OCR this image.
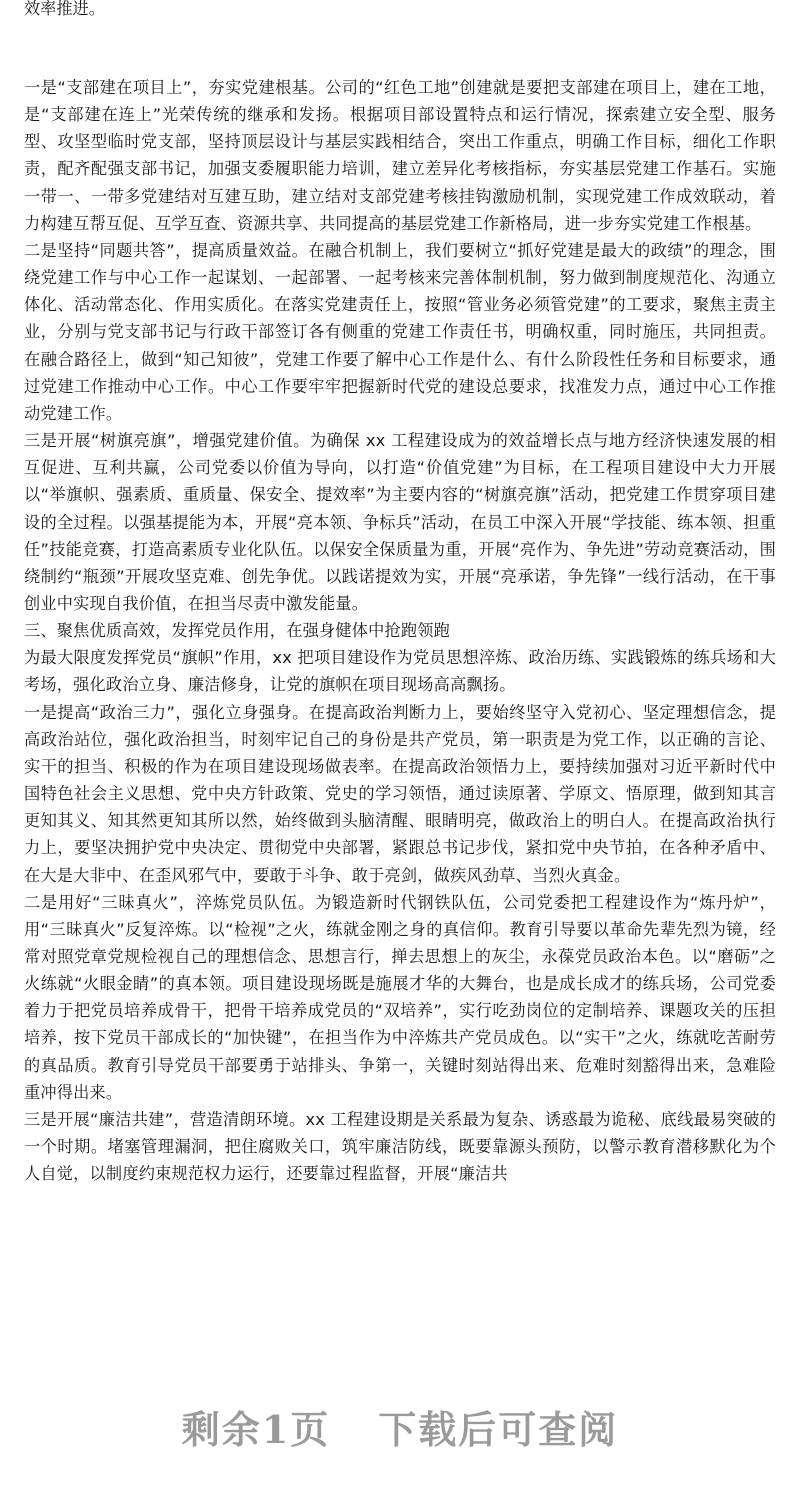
效率推进。

一是“支部建在项目上”，夯实党建根基。公司的“红色工地”创建就是要把支部建在项目上，建在工地，是“支部建在连上”光荣传统的继承和发扬。根据项目部设置特点和运行情况，探索建立安全型、服务型、攻坚型临时党支部，坚持顶层设计与基层实践相结合，突出工作重点，明确工作目标，细化工作职责，配齐配强支部书记，加强支委履职能力培训，建立差异化考核指标，夯实基层党建工作基石。实施一带一、一带多党建结对互建互助，建立结对支部党建考核挂钩激励机制，实现党建工作成效联动，着力构建互帮互促、互学互查、资源共享、共同提高的基层党建工作新格局，进一步夯实党建工作根基。

二是坚持“同题共答”，提高质量效益。在融合机制上，我们要树立“抓好党建是最大的政绩”的理念，围绕党建工作与中心工作一起谋划、一起部署、一起考核来完善体制机制，努力做到制度规范化、沟通立体化、活动常态化、作用实质化。在落实党建责任上，按照“管业务必须管党建”的工要求，聚焦主责主业，分别与党支部书记与行政干部签订各有侧重的党建工作责任书，明确权重，同时施压，共同担责。在融合路径上，做到“知己知彼”，党建工作要了解中心工作是什么、有什么阶段性任务和目标要求，通过党建工作推动中心工作。中心工作要牢牢把握新时代党的建设总要求，找准发力点，通过中心工作推动党建工作。

三是开展“树旗亮旗”，增强党建价值。为确保 xx 工程建设成为的效益增长点与地方经济快速发展的相互促进、互利共赢，公司党委以价值为导向，以打造“价值党建”为目标，在工程项目建设中大力开展以“举旗帜、强素质、重质量、保安全、提效率”为主要内容的“树旗亮旗”活动，把党建工作贯穿项目建设的全过程。以强基提能为本，开展“亮本领、争标兵”活动，在员工中深入开展“学技能、练本领、担重任”技能竞赛，打造高素质专业化队伍。以保安全保质量为重，开展“亮作为、争先进”劳动竞赛活动，围绕制约“瓶颈”开展攻坚克难、创先争优。以践诺提效为实，开展“亮承诺，争先锋”一线行活动，在干事创业中实现自我价值，在担当尽责中激发能量。

三、聚焦优质高效，发挥党员作用，在强身健体中抢跑领跑

为最大限度发挥党员“旗帜”作用，xx 把项目建设作为党员思想淬炼、政治历练、实践锻炼的练兵场和大考场，强化政治立身、廉洁修身，让党的旗帜在项目现场高高飘扬。

一是提高“政治三力”，强化立身强身。在提高政治判断力上，要始终坚守入党初心、坚定理想信念，提高政治站位，强化政治担当，时刻牢记自己的身份是共产党员，第一职责是为党工作，以正确的言论、实干的担当、积极的作为在项目建设现场做表率。在提高政治领悟力上，要持续加强对习近平新时代中国特色社会主义思想、党中央方针政策、党史的学习领悟，通过读原著、学原文、悟原理，做到知其言更知其义、知其然更知其所以然，始终做到头脑清醒、眼睛明亮，做政治上的明白人。在提高政治执行力上，要坚决拥护党中央决定、贯彻党中央部署，紧跟总书记步伐，紧扣党中央节拍，在各种矛盾中、在大是大非中、在歪风邪气中，要敢于斗争、敢于亮剑，做疾风劲草、当烈火真金。

二是用好“三昧真火”，淬炼党员队伍。为锻造新时代钢铁队伍，公司党委把工程建设作为“炼丹炉”，用“三昧真火”反复淬炼。以“检视”之火，练就金刚之身的真信仰。教育引导要以革命先辈先烈为镜，经常对照党章党规检视自己的理想信念、思想言行，掸去思想上的灰尘，永葆党员政治本色。以“磨砺”之火练就“火眼金睛”的真本领。项目建设现场既是施展才华的大舞台，也是成长成才的练兵场，公司党委着力于把党员培养成骨干，把骨干培养成党员的“双培养”，实行吃劲岗位的定制培养、课题攻关的压担培养，按下党员干部成长的“加快键”，在担当作为中淬炼共产党员成色。以“实干”之火，练就吃苦耐劳的真品质。教育引导党员干部要勇于站排头、争第一，关键时刻站得出来、危难时刻豁得出来，急难险重冲得出来。

三是开展“廉洁共建”，营造清朗环境。xx 工程建设期是关系最为复杂、诱惑最为诡秘、底线最易突破的一个时期。堵塞管理漏洞，把住腐败关口，筑牢廉洁防线，既要靠源头预防，以警示教育潜移默化为个人自觉，以制度约束规范权力运行，还要靠过程监督，开展“廉洁共

剩余1页 下载后可查阅
